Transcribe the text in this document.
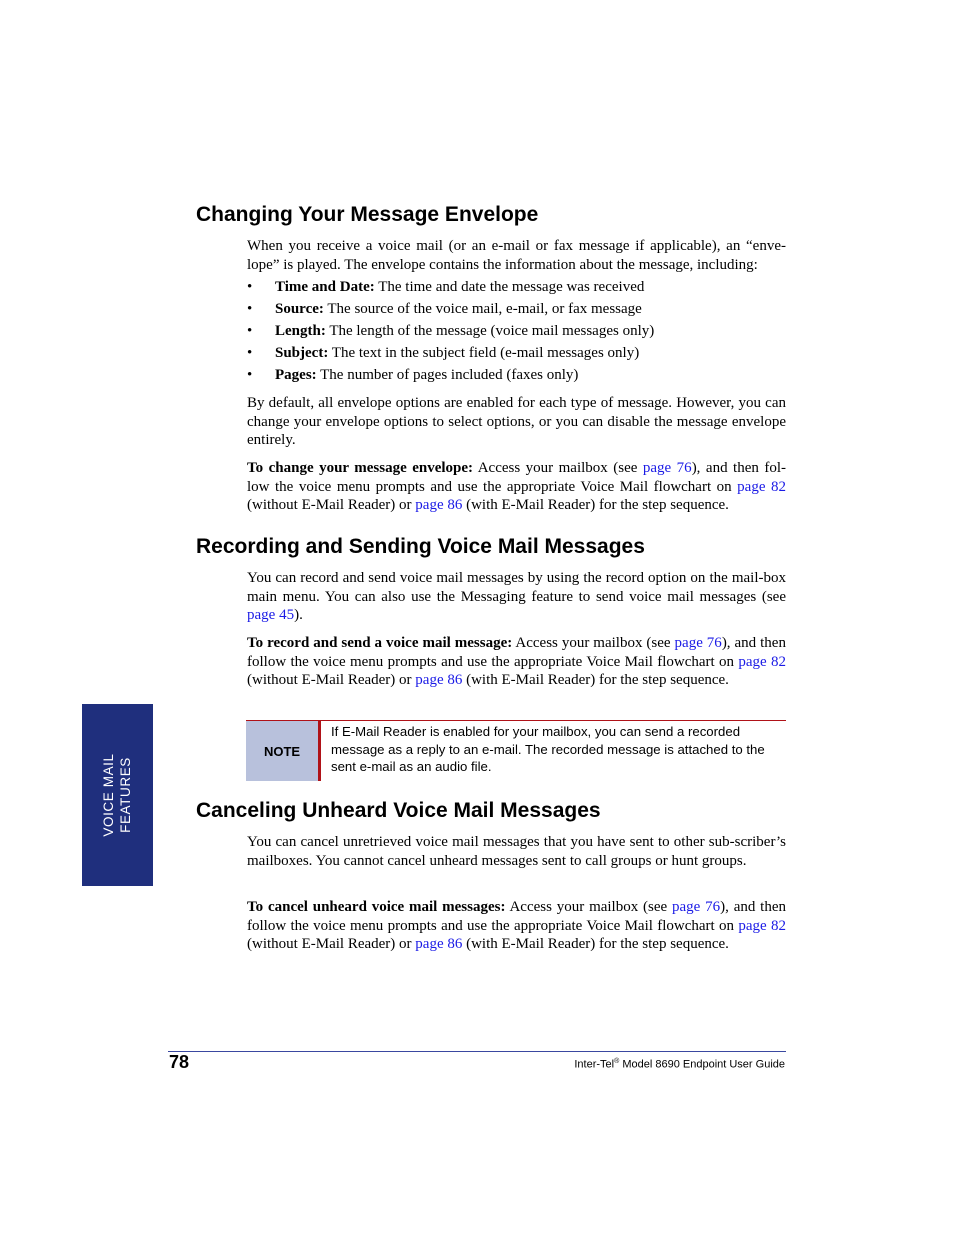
Changing Your Message Envelope

When you receive a voice mail (or an e-mail or fax message if applicable), an “enve-lope” is played. The envelope contains the information about the message, including:

• Time and Date: The time and date the message was received
• Source: The source of the voice mail, e-mail, or fax message
• Length: The length of the message (voice mail messages only)
• Subject: The text in the subject field (e-mail messages only)
• Pages: The number of pages included (faxes only)

By default, all envelope options are enabled for each type of message. However, you can change your envelope options to select options, or you can disable the message envelope entirely.

To change your message envelope: Access your mailbox (see page 76), and then fol-low the voice menu prompts and use the appropriate Voice Mail flowchart on page 82 (without E-Mail Reader) or page 86 (with E-Mail Reader) for the step sequence.

Recording and Sending Voice Mail Messages

You can record and send voice mail messages by using the record option on the mail-box main menu. You can also use the Messaging feature to send voice mail messages (see page 45).

To record and send a voice mail message: Access your mailbox (see page 76), and then follow the voice menu prompts and use the appropriate Voice Mail flowchart on page 82 (without E-Mail Reader) or page 86 (with E-Mail Reader) for the step sequence.

NOTE

If E-Mail Reader is enabled for your mailbox, you can send a recorded message as a reply to an e-mail. The recorded message is attached to the sent e-mail as an audio file.

Canceling Unheard Voice Mail Messages

You can cancel unretrieved voice mail messages that you have sent to other sub-scriber’s mailboxes. You cannot cancel unheard messages sent to call groups or hunt groups.

To cancel unheard voice mail messages: Access your mailbox (see page 76), and then follow the voice menu prompts and use the appropriate Voice Mail flowchart on page 82 (without E-Mail Reader) or page 86 (with E-Mail Reader) for the step sequence.

VOICE MAIL FEATURES
78	Inter-Tel® Model 8690 Endpoint User Guide
